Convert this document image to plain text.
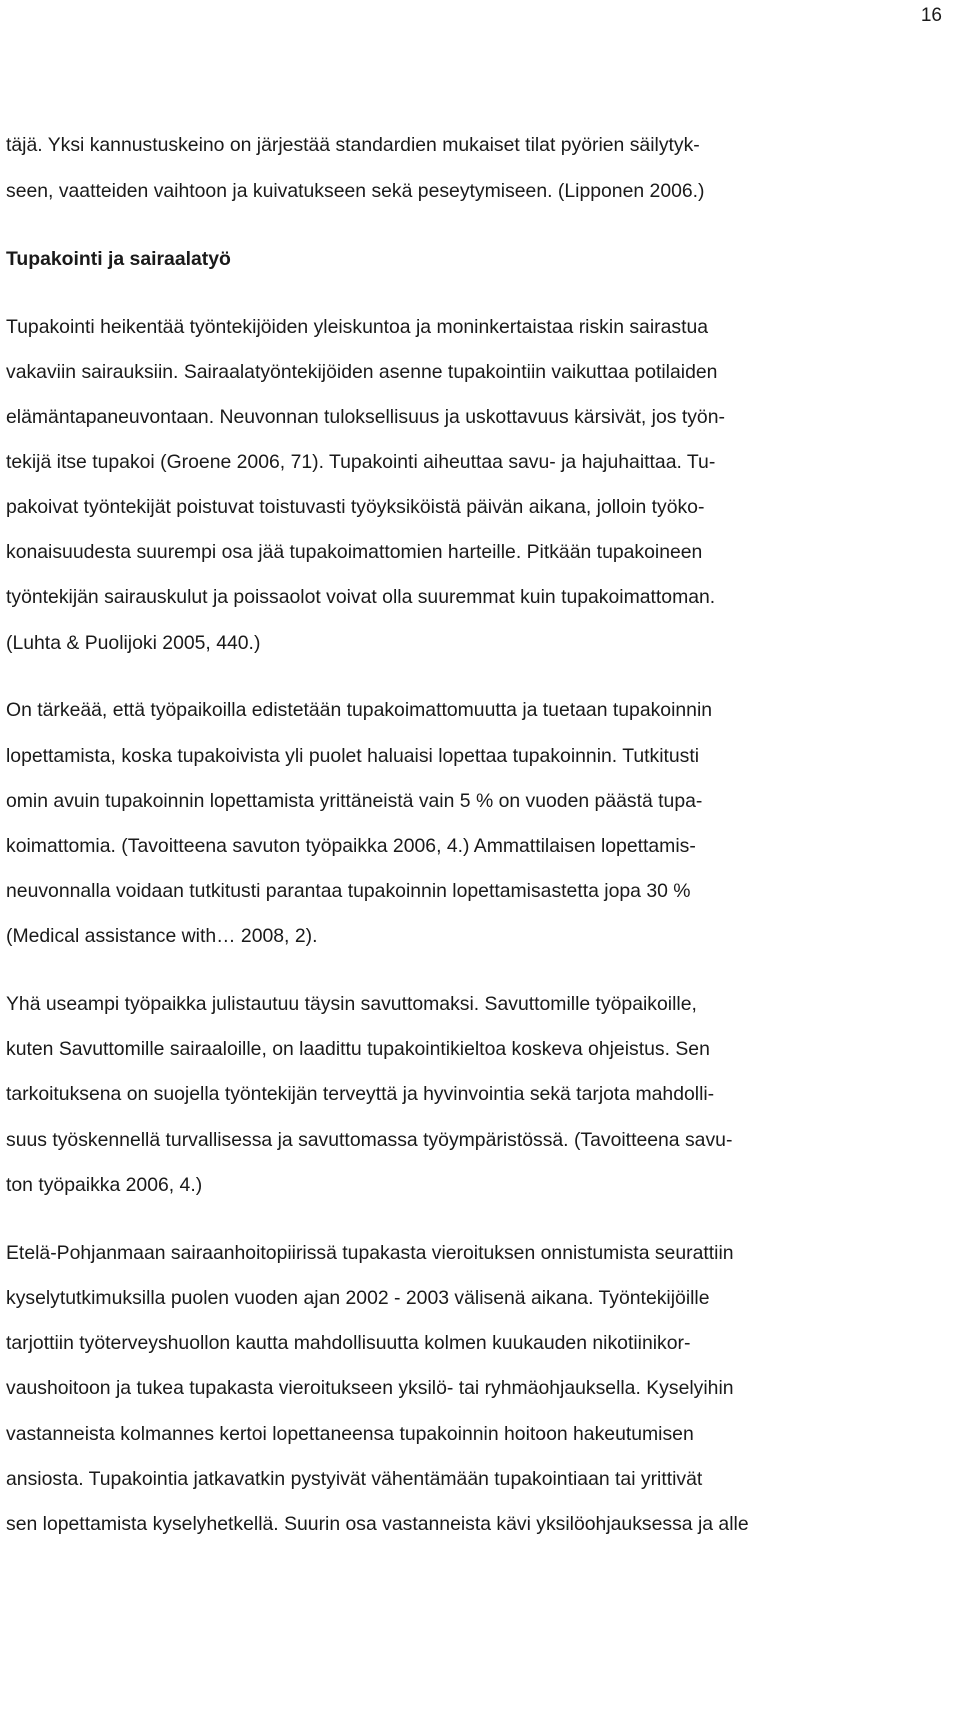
16
täjä. Yksi kannustuskeino on järjestää standardien mukaiset tilat pyörien säilytyk-
seen, vaatteiden vaihtoon ja kuivatukseen sekä peseytymiseen. (Lipponen 2006.)
Tupakointi ja sairaalatyö
Tupakointi heikentää työntekijöiden yleiskuntoa ja moninkertaistaa riskin sairastua
vakaviin sairauksiin. Sairaalatyöntekijöiden asenne tupakointiin vaikuttaa potilaiden
elämäntapaneuvontaan. Neuvonnan tuloksellisuus ja uskottavuus kärsivät, jos työn-
tekijä itse tupakoi (Groene 2006, 71). Tupakointi aiheuttaa savu- ja hajuhaittaa. Tu-
pakoivat työntekijät poistuvat toistuvasti työyksiköistä päivän aikana, jolloin työko-
konaisuudesta suurempi osa jää tupakoimattomien harteille. Pitkään tupakoineen
työntekijän sairauskulut ja poissaolot voivat olla suuremmat kuin tupakoimattoman.
(Luhta & Puolijoki 2005, 440.)
On tärkeää, että työpaikoilla edistetään tupakoimattomuutta ja tuetaan tupakoinnin
lopettamista, koska tupakoivista yli puolet haluaisi lopettaa tupakoinnin. Tutkitusti
omin avuin tupakoinnin lopettamista yrittäneistä vain 5 % on vuoden päästä tupa-
koimattomia. (Tavoitteena savuton työpaikka 2006, 4.) Ammattilaisen lopettamis-
neuvonnalla voidaan tutkitusti parantaa tupakoinnin lopettamisastetta jopa 30 %
(Medical assistance with… 2008, 2).
Yhä useampi työpaikka julistautuu täysin savuttomaksi. Savuttomille työpaikoille,
kuten Savuttomille sairaaloille, on laadittu tupakointikieltoa koskeva ohjeistus. Sen
tarkoituksena on suojella työntekijän terveyttä ja hyvinvointia sekä tarjota mahdolli-
suus työskennellä turvallisessa ja savuttomassa työympäristössä. (Tavoitteena savu-
ton työpaikka 2006, 4.)
Etelä-Pohjanmaan sairaanhoitopiirissä tupakasta vieroituksen onnistumista seurattiin
kyselytutkimuksilla puolen vuoden ajan 2002 - 2003 välisenä aikana. Työntekijöille
tarjottiin työterveyshuollon kautta mahdollisuutta kolmen kuukauden nikotiinikor-
vaushoitoon ja tukea tupakasta vieroitukseen yksilö- tai ryhmäohjauksella. Kyselyihin
vastanneista kolmannes kertoi lopettaneensa tupakoinnin hoitoon hakeutumisen
ansiosta. Tupakointia jatkavatkin pystyivät vähentämään tupakointiaan tai yrittivät
sen lopettamista kyselyhetkellä. Suurin osa vastanneista kävi yksilöohjauksessa ja alle
